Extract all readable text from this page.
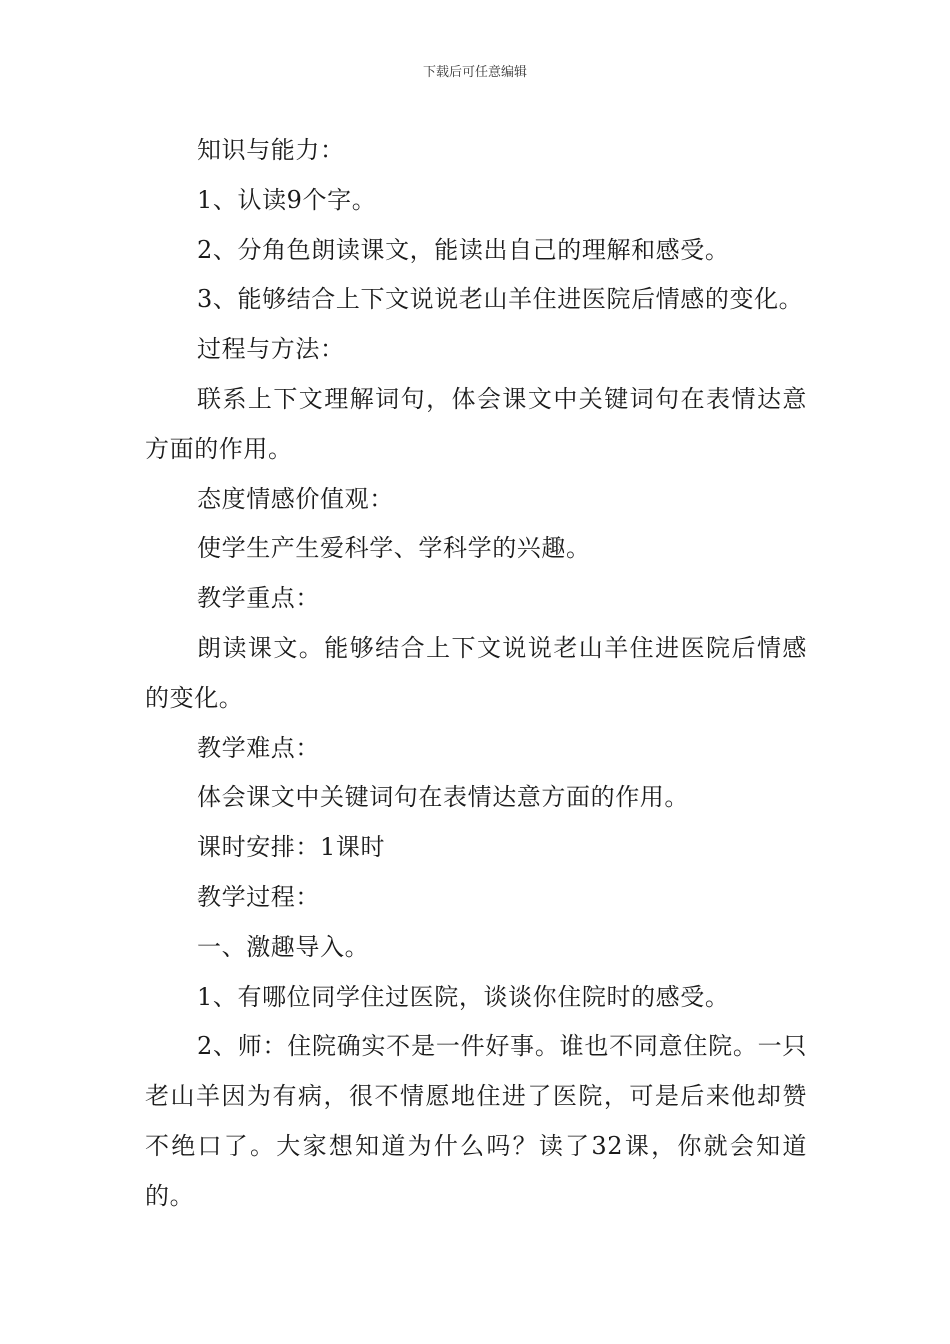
下载后可任意编辑

知识与能力：

1、认读9个字。

2、分角色朗读课文，能读出自己的理解和感受。

3、能够结合上下文说说老山羊住进医院后情感的变化。

过程与方法：

联系上下文理解词句，体会课文中关键词句在表情达意方面的作用。

态度情感价值观：

使学生产生爱科学、学科学的兴趣。

教学重点：

朗读课文。能够结合上下文说说老山羊住进医院后情感的变化。

教学难点：

体会课文中关键词句在表情达意方面的作用。

课时安排：1课时

教学过程：

一、激趣导入。

1、有哪位同学住过医院，谈谈你住院时的感受。

2、师：住院确实不是一件好事。谁也不同意住院。一只老山羊因为有病，很不情愿地住进了医院，可是后来他却赞不绝口了。大家想知道为什么吗？读了32课，你就会知道的。
